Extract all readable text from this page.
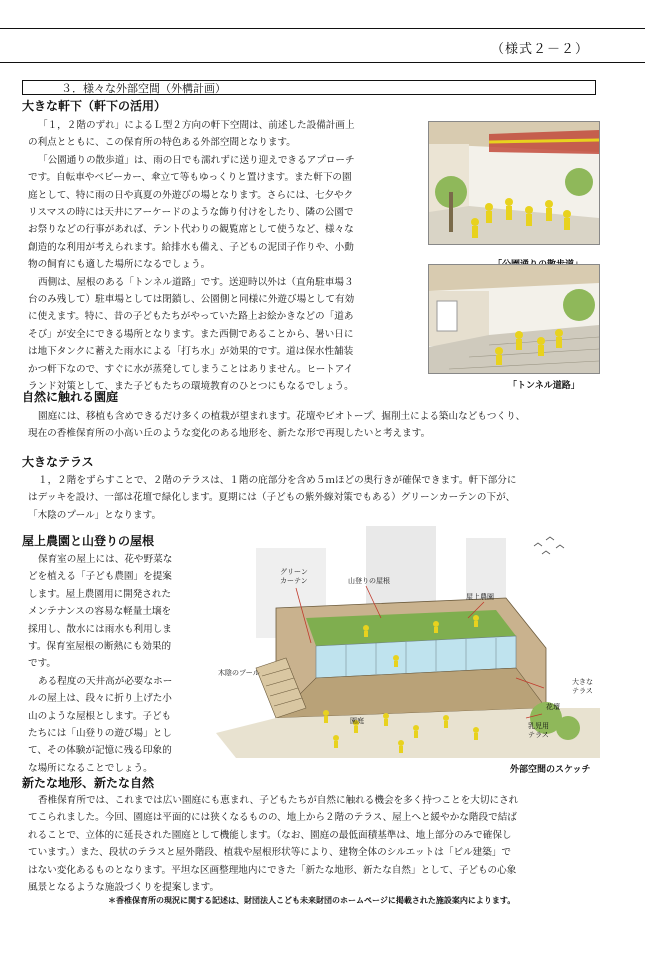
（様式２－２）
３．様々な外部空間（外構計画）
大きな軒下（軒下の活用）
「１，２階のずれ」によるＬ型２方向の軒下空間は、前述した設備計画上
の利点とともに、この保育所の特色ある外部空間となります。
「公園通りの散歩道」は、雨の日でも濡れずに送り迎えできるアプローチ
です。自転車やベビーカー、傘立て等もゆっくりと置けます。また軒下の園
庭として、特に雨の日や真夏の外遊びの場となります。さらには、七夕やク
リスマスの時には天井にアーケードのような飾り付けをしたり、隣の公園で
お祭りなどの行事があれば、テント代わりの観覧席として使うなど、様々な
創造的な利用が考えられます。給排水も備え、子どもの泥団子作りや、小動
物の飼育にも適した場所になるでしょう。
西側は、屋根のある「トンネル道路」です。送迎時以外は（直角駐車場３
台のみ残して）駐車場としては閉鎖し、公園側と同様に外遊び場として有効
に使えます。特に、昔の子どもたちがやっていた路上お絵かきなどの「道あ
そび」が安全にできる場所となります。また西側であることから、暑い日に
は地下タンクに蓄えた雨水による「打ち水」が効果的です。道は保水性舗装
かつ軒下なので、すぐに水が蒸発してしまうことはありません。ヒートアイ
ランド対策として、また子どもたちの環境教育のひとつにもなるでしょう。	「トンネル道路」
自然に触れる園庭
園庭には、移植も含めできるだけ多くの植栽が望まれます。花壇やビオトープ、掘削土による築山などもつくり、
現在の香椎保育所の小高い丘のような変化のある地形を、新たな形で再現したいと考えます。
大きなテラス
１，２階をずらすことで、２階のテラスは、１階の庇部分を含め５ｍほどの奥行きが確保できます。軒下部分に
はデッキを設け、一部は花壇で緑化します。夏期には（子どもの紫外線対策でもある）グリーンカーテンの下が、
「木陰のプール」となります。
屋上農園と山登りの屋根
保育室の屋上には、花や野菜な
どを植える「子ども農園」を提案
します。屋上農園用に開発された
メンテナンスの容易な軽量土壌を
採用し、散水には雨水も利用しま
す。保育室屋根の断熱にも効果的
です。
ある程度の天井高が必要なホー
ルの屋上は、段々に折り上げた小
山のような屋根とします。子ども
たちには「山登りの遊び場」とし
て、その体験が記憶に残る印象的
な場所になることでしょう。
グリーン
カーテン	山登りの屋根
屋上農園
木陰のプール
大きな
テラス
花壇
園庭
乳児用
テラス
外部空間のスケッチ
新たな地形、新たな自然
香椎保育所では、これまでは広い園庭にも恵まれ、子どもたちが自然に触れる機会を多く持つことを大切にされ
てこられました。今回、園庭は平面的には狭くなるものの、地上から２階のテラス、屋上へと緩やかな階段で結ば
れることで、立体的に延長された園庭として機能します。（なお、園庭の最低面積基準は、地上部分のみで確保し
ています。）また、段状のテラスと屋外階段、植栽や屋根形状等により、建物全体のシルエットは「ビル建築」で
はない変化あるものとなります。平坦な区画整理地内にできた「新たな地形、新たな自然」として、子どもの心象
風景となるような施設づくりを提案します。
＊香椎保育所の現況に関する記述は、財団法人こども未来財団のホームページに掲載された施設案内によります。
